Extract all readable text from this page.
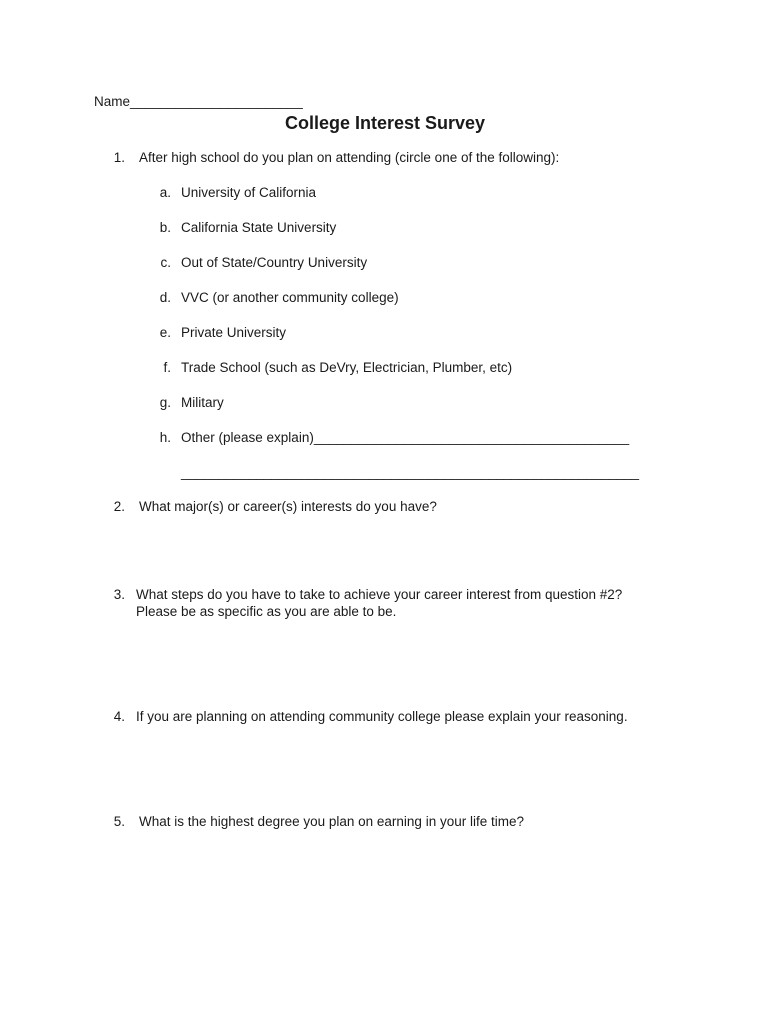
Name_______________________
College Interest Survey
1. After high school do you plan on attending (circle one of the following):
a. University of California
b. California State University
c. Out of State/Country University
d. VVC (or another community college)
e. Private University
f. Trade School (such as DeVry, Electrician, Plumber, etc)
g. Military
h. Other (please explain)__________________________________________
_____________________________________________________________
2. What major(s) or career(s) interests do you have?
3. What steps do you have to take to achieve your career interest from question #2?
Please be as specific as you are able to be.
4. If you are planning on attending community college please explain your reasoning.
5. What is the highest degree you plan on earning in your life time?
